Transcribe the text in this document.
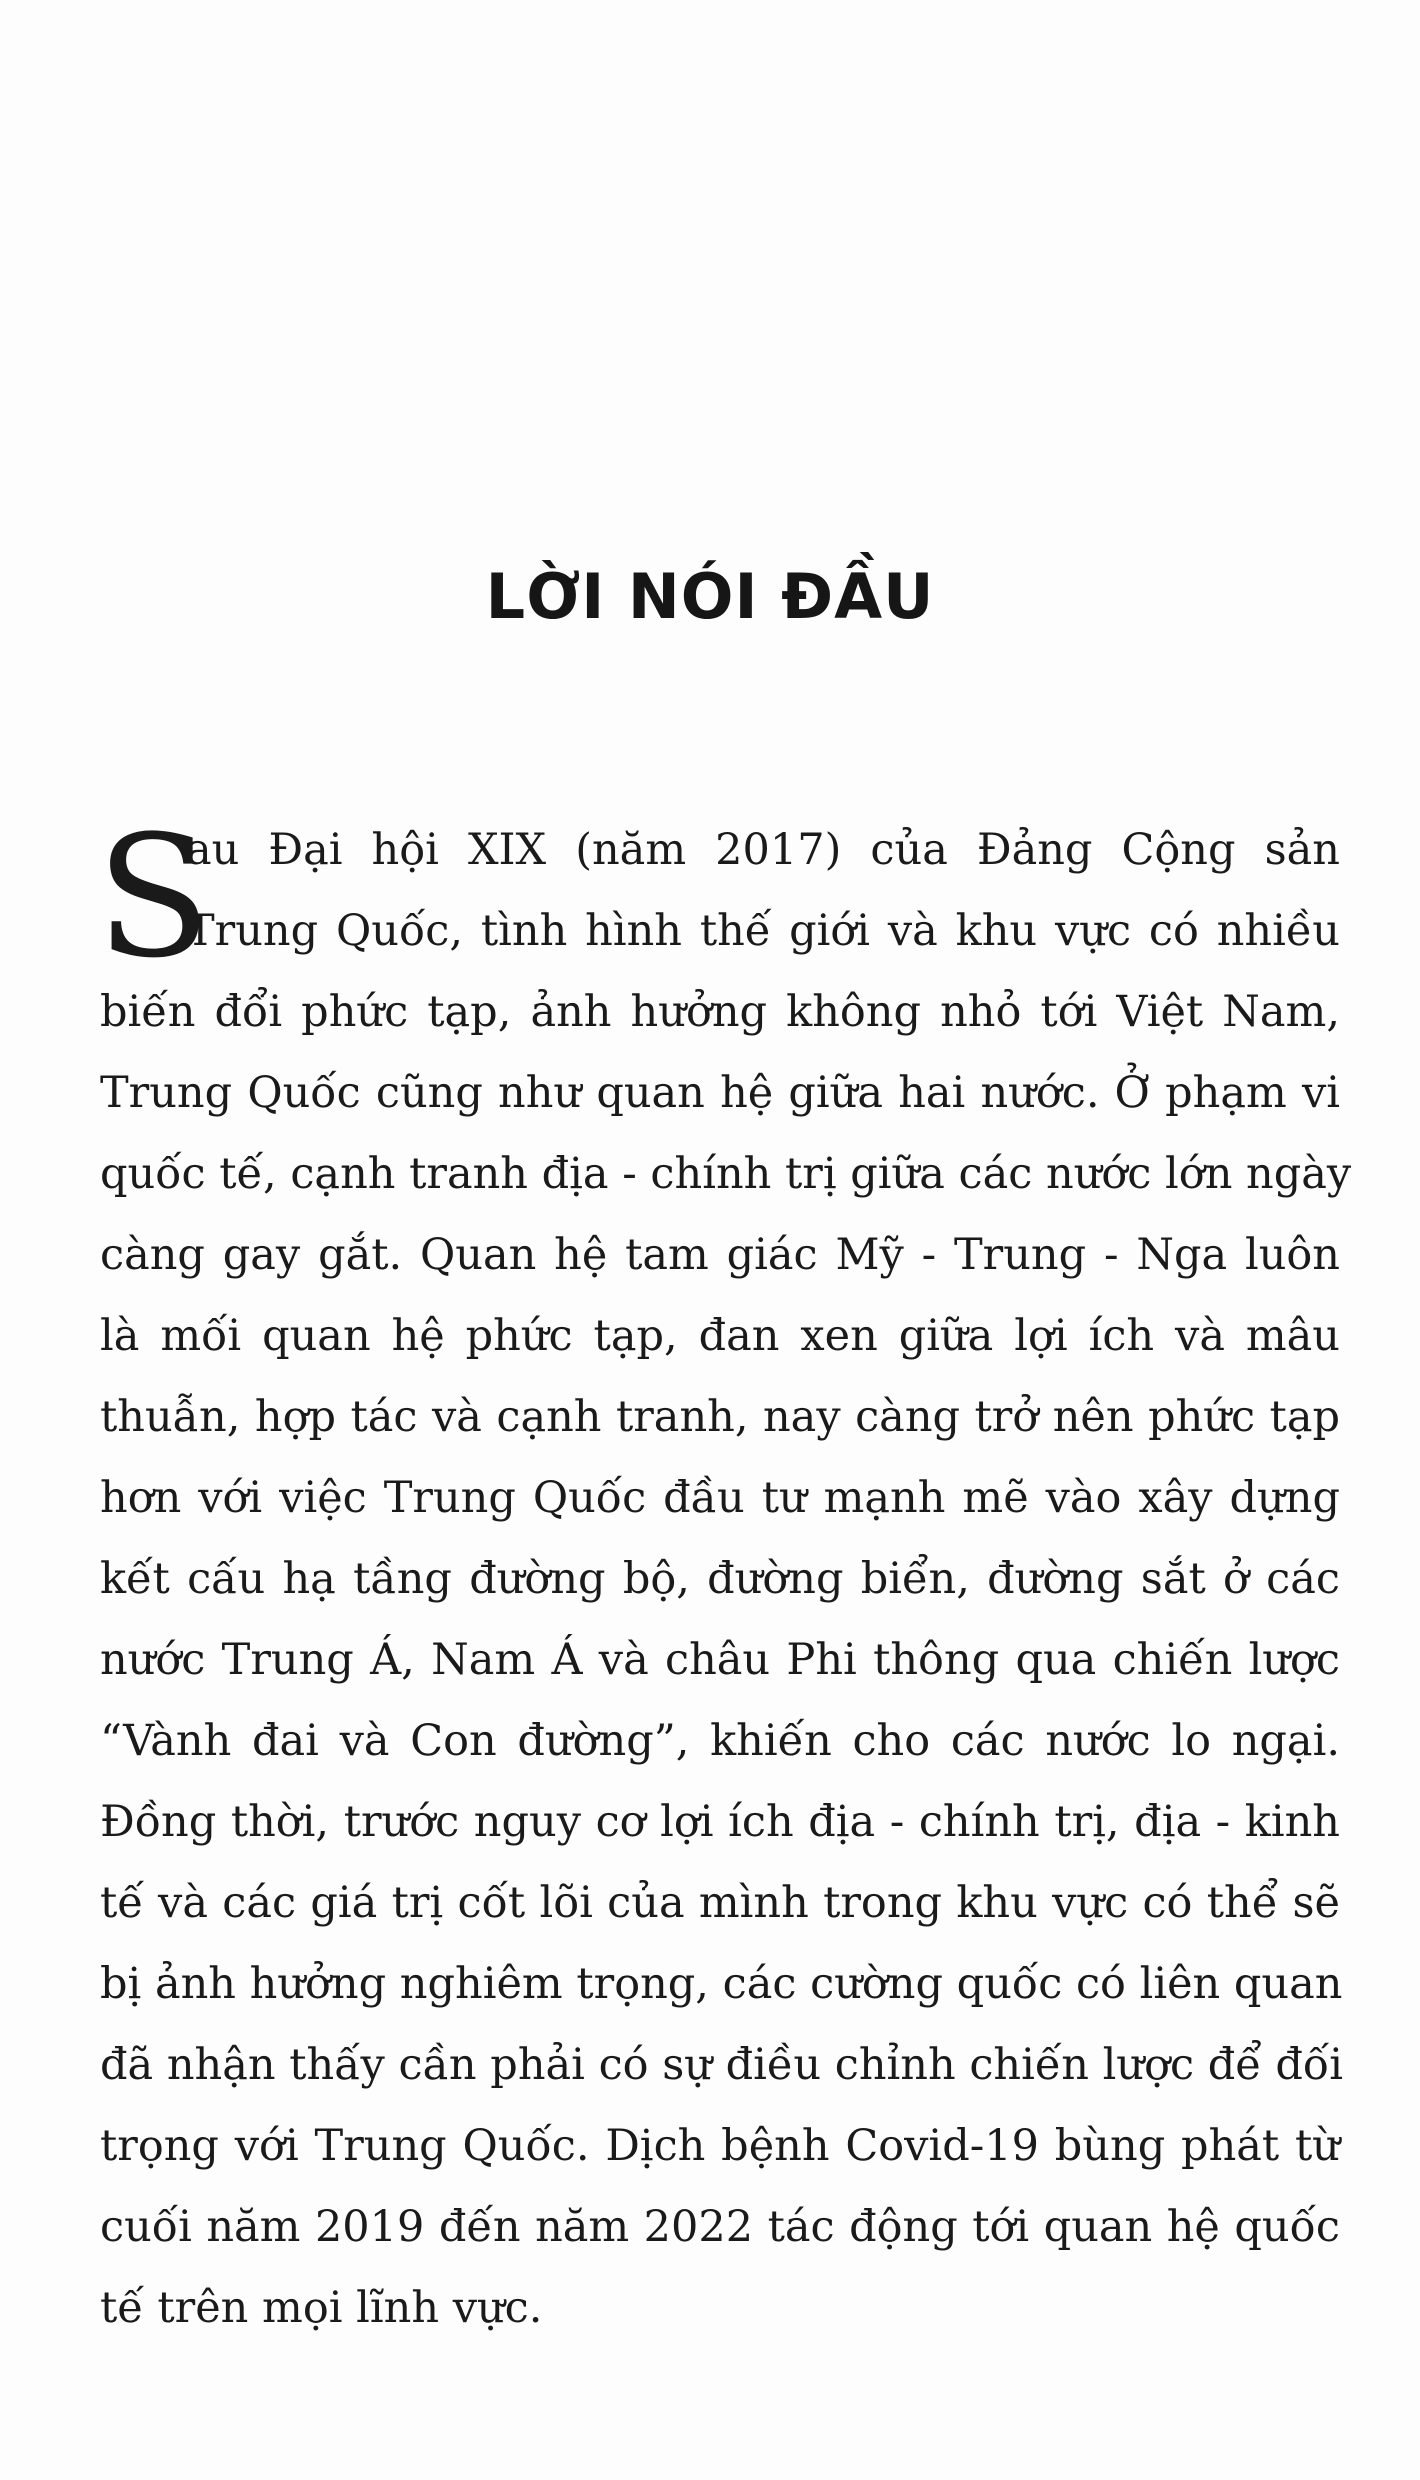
LỜI NÓI ĐẦU
S

au Đại hội XIX (năm 2017) của Đảng Cộng sản
Trung Quốc, tình hình thế giới và khu vực có nhiều
biến đổi phức tạp, ảnh hưởng không nhỏ tới Việt Nam,
Trung Quốc cũng như quan hệ giữa hai nước. Ở phạm vi
quốc tế, cạnh tranh địa - chính trị giữa các nước lớn ngày
càng gay gắt. Quan hệ tam giác Mỹ - Trung - Nga luôn
là mối quan hệ phức tạp, đan xen giữa lợi ích và mâu
thuẫn, hợp tác và cạnh tranh, nay càng trở nên phức tạp
hơn với việc Trung Quốc đầu tư mạnh mẽ vào xây dựng
kết cấu hạ tầng đường bộ, đường biển, đường sắt ở các
nước Trung Á, Nam Á và châu Phi thông qua chiến lược
“Vành đai và Con đường”, khiến cho các nước lo ngại.
Đồng thời, trước nguy cơ lợi ích địa - chính trị, địa - kinh
tế và các giá trị cốt lõi của mình trong khu vực có thể sẽ
bị ảnh hưởng nghiêm trọng, các cường quốc có liên quan
đã nhận thấy cần phải có sự điều chỉnh chiến lược để đối
trọng với Trung Quốc. Dịch bệnh Covid-19 bùng phát từ
cuối năm 2019 đến năm 2022 tác động tới quan hệ quốc
tế trên mọi lĩnh vực.
